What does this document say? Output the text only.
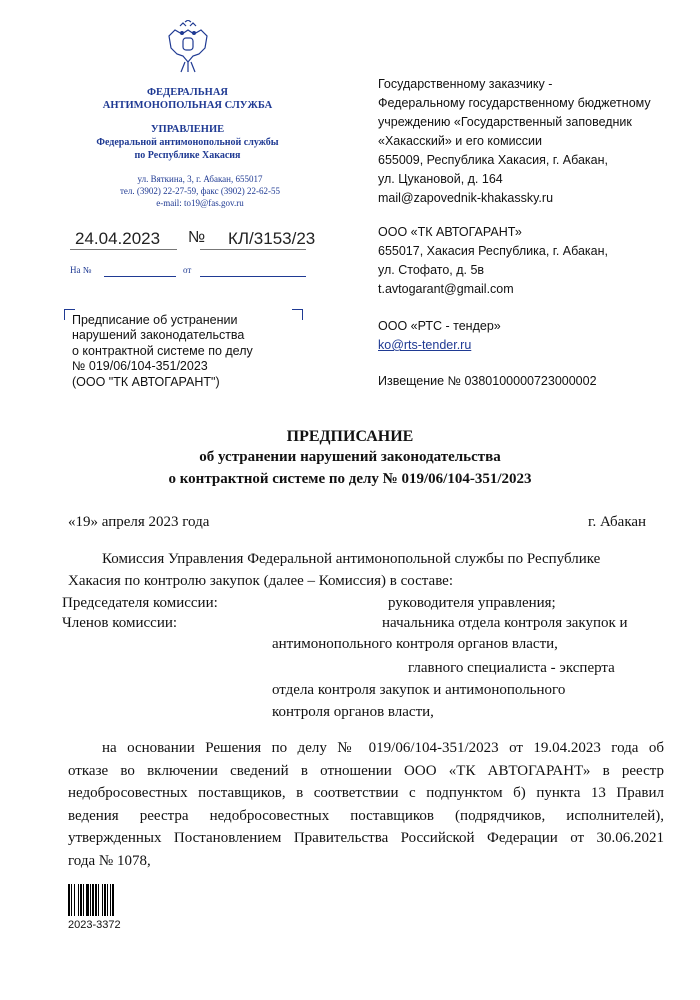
ФЕДЕРАЛЬНАЯ
АНТИМОНОПОЛЬНАЯ СЛУЖБА
УПРАВЛЕНИЕ
Федеральной антимонопольной службы
по Республике Хакасия
ул. Вяткина, 3, г. Абакан, 655017
тел. (3902) 22-27-59, факс (3902) 22-62-55
e-mail: to19@fas.gov.ru
24.04.2023 № КЛ/3153/23
На №	от
Предписание об устранении
нарушений законодательства
о контрактной системе по делу
№ 019/06/104-351/2023
(ООО "ТК АВТОГАРАНТ")
Государственному заказчику -
Федеральному государственному бюджетному
учреждению «Государственный заповедник
«Хакасский» и его комиссии
655009, Республика Хакасия, г. Абакан,
ул. Цукановой, д. 164
mail@zapovednik-khakassky.ru
ООО «ТК АВТОГАРАНТ»
655017, Хакасия Республика, г. Абакан,
ул. Стофато, д. 5в
t.avtogarant@gmail.com
ООО «РТС - тендер»
ko@rts-tender.ru
Извещение № 0380100000723000002
ПРЕДПИСАНИЕ
об устранении нарушений законодательства
о контрактной системе по делу № 019/06/104-351/2023
«19» апреля 2023 года	г. Абакан
Комиссия Управления Федеральной антимонопольной службы по Республике
Хакасия по контролю закупок (далее – Комиссия) в составе:
Председателя комиссии:	руководителя управления;
Членов комиссии:	начальника отдела контроля закупок и
антимонопольного контроля органов власти,
главного специалиста - эксперта
отдела контроля закупок и антимонопольного
контроля органов власти,
на основании Решения по делу № 019/06/104-351/2023 от 19.04.2023 года об
отказе во включении сведений в отношении ООО «ТК АВТОГАРАНТ» в реестр
недобросовестных поставщиков, в соответствии с подпунктом б) пункта 13 Правил
ведения реестра недобросовестных поставщиков (подрядчиков, исполнителей),
утвержденных Постановлением Правительства Российской Федерации от 30.06.2021
года № 1078,
2023-3372
